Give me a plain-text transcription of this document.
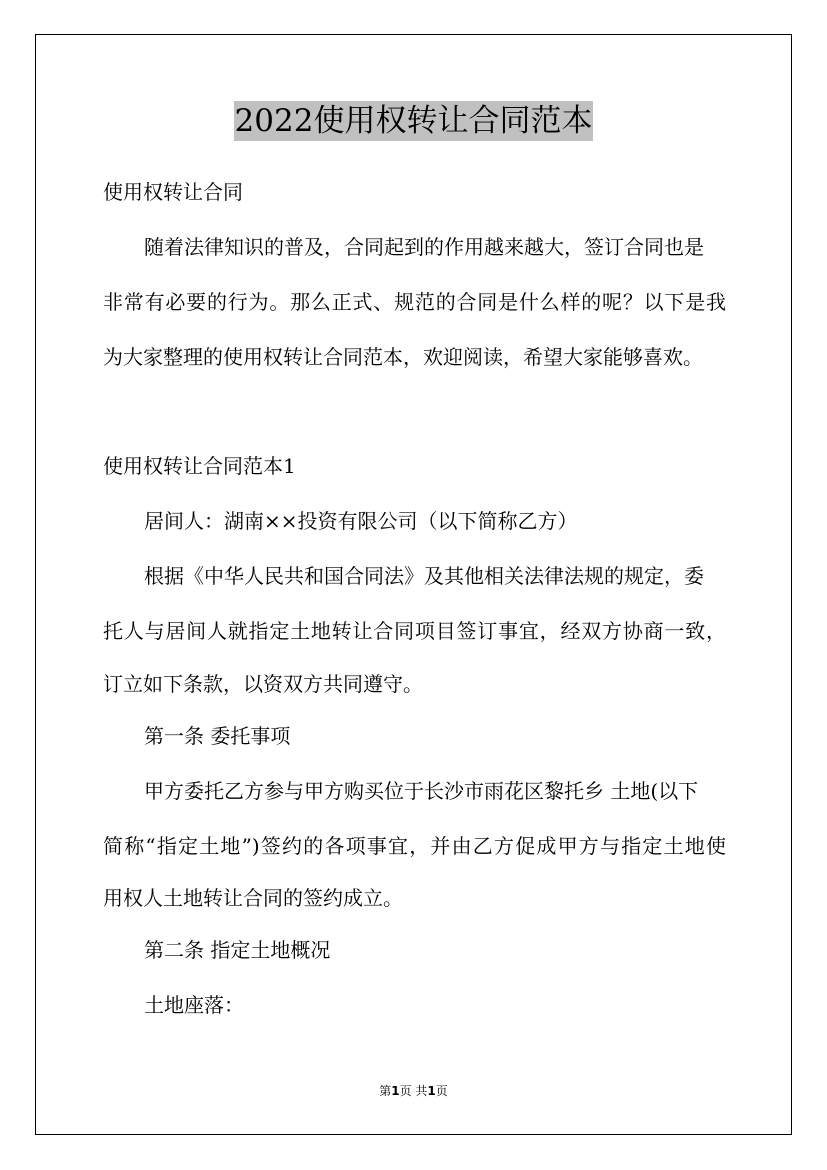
2022使用权转让合同范本
使用权转让合同
随着法律知识的普及，合同起到的作用越来越大，签订合同也是
非常有必要的行为。那么正式、规范的合同是什么样的呢？以下是我
为大家整理的使用权转让合同范本，欢迎阅读，希望大家能够喜欢。
使用权转让合同范本1
居间人：湖南××投资有限公司（以下简称乙方）
根据《中华人民共和国合同法》及其他相关法律法规的规定，委
托人与居间人就指定土地转让合同项目签订事宜，经双方协商一致，
订立如下条款，以资双方共同遵守。
第一条 委托事项
甲方委托乙方参与甲方购买位于长沙市雨花区黎托乡 土地(以下
简称“指定土地”)签约的各项事宜，并由乙方促成甲方与指定土地使
用权人土地转让合同的签约成立。
第二条 指定土地概况
土地座落：
第1页 共1页
